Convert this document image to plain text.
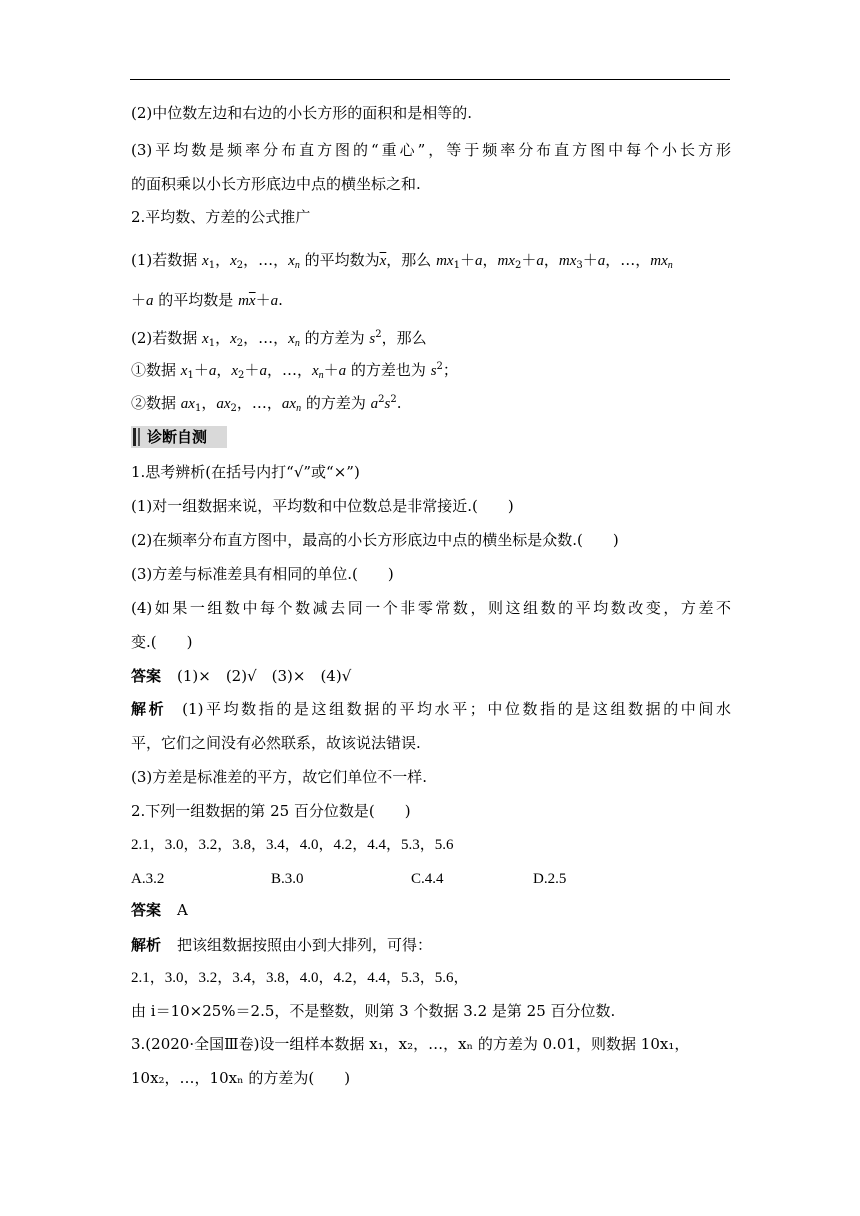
(2)中位数左边和右边的小长方形的面积和是相等的.
(3)平均数是频率分布直方图的“重心”，等于频率分布直方图中每个小长方形
的面积乘以小长方形底边中点的横坐标之和.
2.平均数、方差的公式推广
(1)若数据 $x_1$，$x_2$，…，$x_n$ 的平均数为$\overline{x}$，那么 $mx_1+a$，$mx_2+a$，$mx_3+a$，…，$mx_n$
＋a 的平均数是 $m\overline{x}+a$.
(2)若数据 $x_1$，$x_2$，…，$x_n$ 的方差为 $s^2$，那么
①数据 $x_1+a$，$x_2+a$，…，$x_n+a$ 的方差也为 $s^2$；
②数据 $ax_1$，$ax_2$，…，$ax_n$ 的方差为 $a^2s^2$.
诊断自测
1.思考辨析(在括号内打“√”或“×”)
(1)对一组数据来说，平均数和中位数总是非常接近.(　　)
(2)在频率分布直方图中，最高的小长方形底边中点的横坐标是众数.(　　)
(3)方差与标准差具有相同的单位.(　　)
(4)如果一组数中每个数减去同一个非零常数，则这组数的平均数改变，方差不
变.(　　)
答案 (1)×　(2)√　(3)×　(4)√
解析 (1)平均数指的是这组数据的平均水平；中位数指的是这组数据的中间水
平，它们之间没有必然联系，故该说法错误.
(3)方差是标准差的平方，故它们单位不一样.
2.下列一组数据的第 25 百分位数是(　　)
2.1，3.0，3.2，3.8，3.4，4.0，4.2，4.4，5.3，5.6
A.3.2	B.3.0	C.4.4	D.2.5
答案 A
解析 把该组数据按照由小到大排列，可得：
2.1，3.0，3.2，3.4，3.8，4.0，4.2，4.4，5.3，5.6，
由 i＝10×25%＝2.5，不是整数，则第 3 个数据 3.2 是第 25 百分位数.
3.(2020·全国Ⅲ卷)设一组样本数据 x₁，x₂，…，xₙ 的方差为 0.01，则数据 10x₁，
10x₂，…，10xₙ 的方差为(　　)
